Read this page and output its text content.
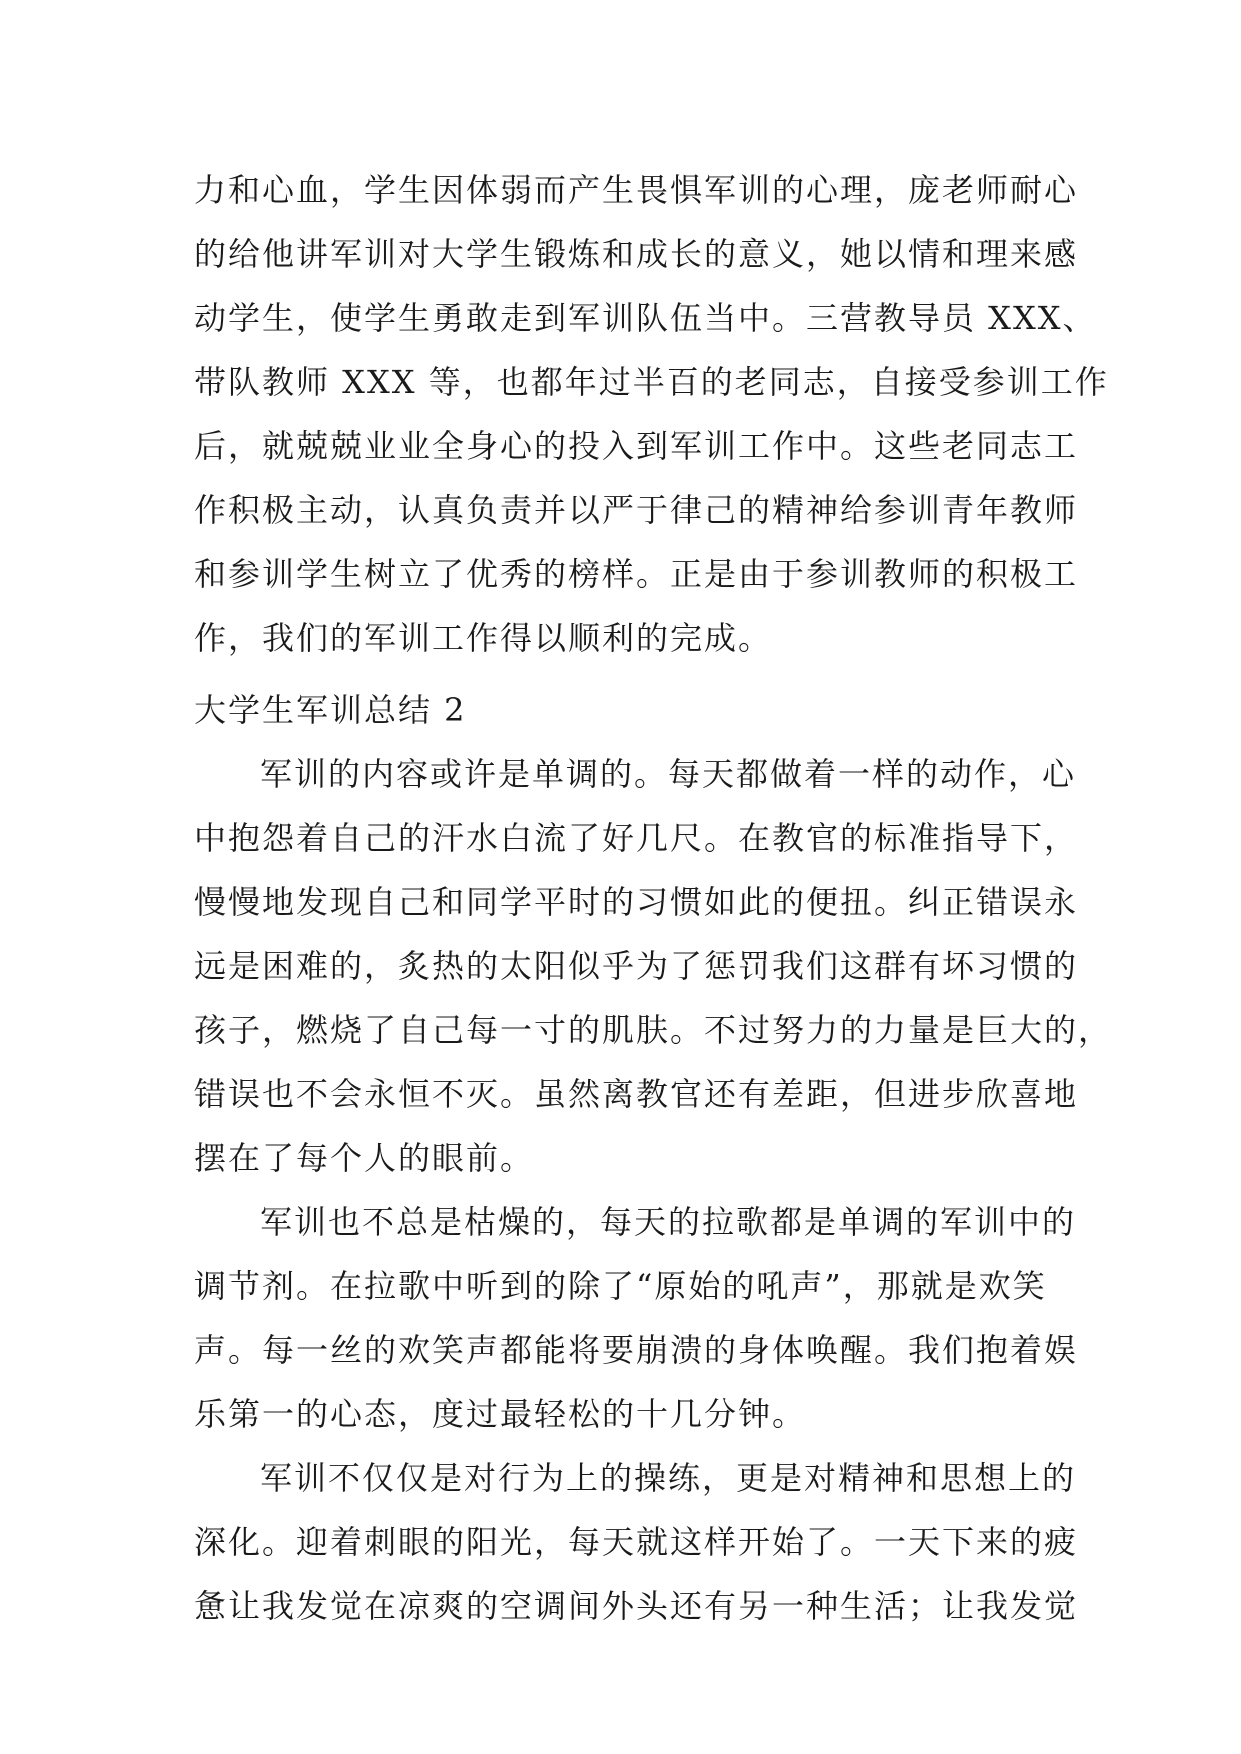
力和心血，学生因体弱而产生畏惧军训的心理，庞老师耐心
的给他讲军训对大学生锻炼和成长的意义，她以情和理来感
动学生，使学生勇敢走到军训队伍当中。三营教导员 XXX、
带队教师 XXX 等，也都年过半百的老同志，自接受参训工作
后，就兢兢业业全身心的投入到军训工作中。这些老同志工
作积极主动，认真负责并以严于律己的精神给参训青年教师
和参训学生树立了优秀的榜样。正是由于参训教师的积极工
作，我们的军训工作得以顺利的完成。
大学生军训总结 2
军训的内容或许是单调的。每天都做着一样的动作，心
中抱怨着自己的汗水白流了好几尺。在教官的标准指导下，
慢慢地发现自己和同学平时的习惯如此的便扭。纠正错误永
远是困难的，炙热的太阳似乎为了惩罚我们这群有坏习惯的
孩子，燃烧了自己每一寸的肌肤。不过努力的力量是巨大的，
错误也不会永恒不灭。虽然离教官还有差距，但进步欣喜地
摆在了每个人的眼前。
军训也不总是枯燥的，每天的拉歌都是单调的军训中的
调节剂。在拉歌中听到的除了“原始的吼声”，那就是欢笑
声。每一丝的欢笑声都能将要崩溃的身体唤醒。我们抱着娱
乐第一的心态，度过最轻松的十几分钟。
军训不仅仅是对行为上的操练，更是对精神和思想上的
深化。迎着刺眼的阳光，每天就这样开始了。一天下来的疲
惫让我发觉在凉爽的空调间外头还有另一种生活；让我发觉
